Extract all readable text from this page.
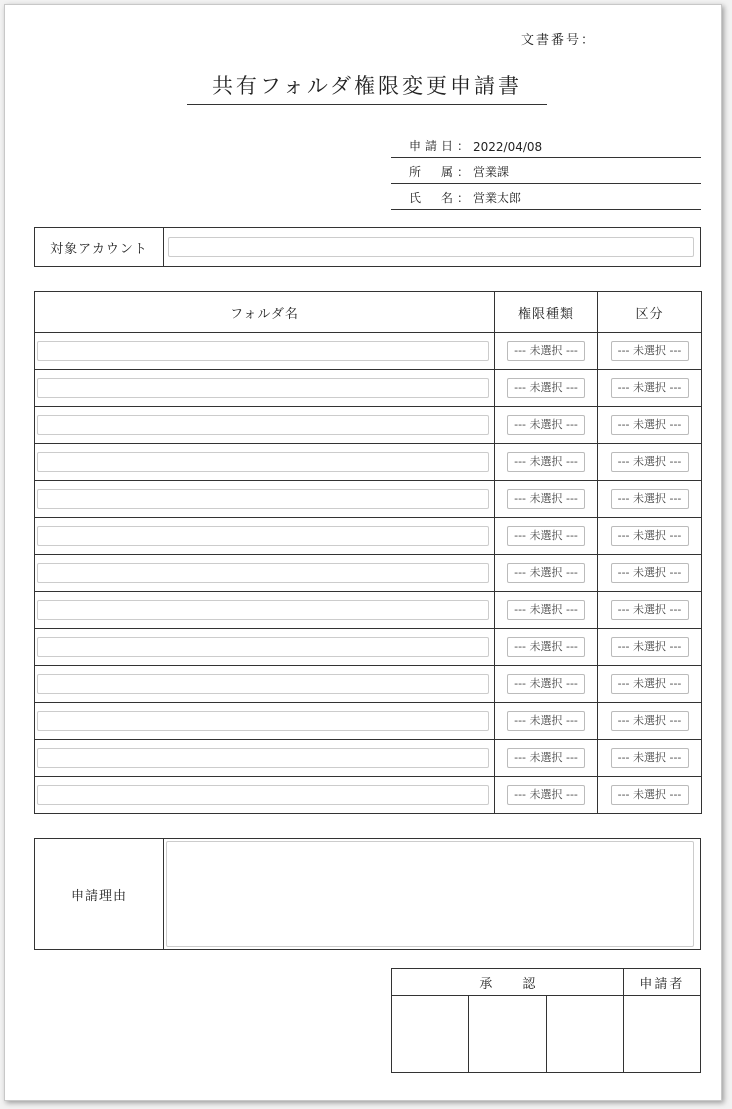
文書番号：
共有フォルダ権限変更申請書
申請日 ： 2022/04/08
所　属 ： 営業課
氏　名 ： 営業太郎
対象アカウント
フォルダ名	権限種類	区分

	--- 未選択 ---	--- 未選択 ---

	--- 未選択 ---	--- 未選択 ---

	--- 未選択 ---	--- 未選択 ---

	--- 未選択 ---	--- 未選択 ---

	--- 未選択 ---	--- 未選択 ---

	--- 未選択 ---	--- 未選択 ---

	--- 未選択 ---	--- 未選択 ---

	--- 未選択 ---	--- 未選択 ---

	--- 未選択 ---	--- 未選択 ---

	--- 未選択 ---	--- 未選択 ---

	--- 未選択 ---	--- 未選択 ---

	--- 未選択 ---	--- 未選択 ---

	--- 未選択 ---	--- 未選択 ---
申請理由
承認			申請者
